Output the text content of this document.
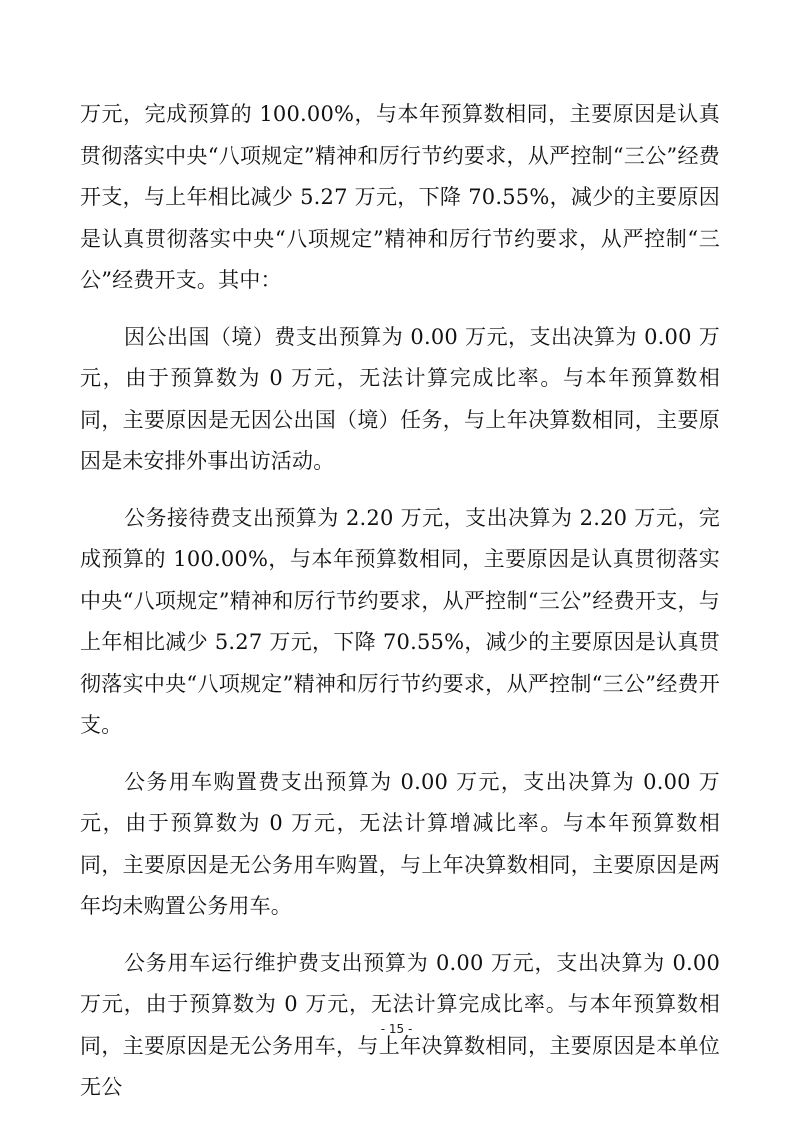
万元，完成预算的 100.00%，与本年预算数相同，主要原因是认真贯彻落实中央“八项规定”精神和厉行节约要求，从严控制“三公”经费开支，与上年相比减少 5.27 万元，下降 70.55%，减少的主要原因是认真贯彻落实中央“八项规定”精神和厉行节约要求，从严控制“三公”经费开支。其中：

因公出国（境）费支出预算为 0.00 万元，支出决算为 0.00 万元，由于预算数为 0 万元，无法计算完成比率。与本年预算数相同，主要原因是无因公出国（境）任务，与上年决算数相同，主要原因是未安排外事出访活动。

公务接待费支出预算为 2.20 万元，支出决算为 2.20 万元，完成预算的 100.00%，与本年预算数相同，主要原因是认真贯彻落实中央“八项规定”精神和厉行节约要求，从严控制“三公”经费开支，与上年相比减少 5.27 万元，下降 70.55%，减少的主要原因是认真贯彻落实中央“八项规定”精神和厉行节约要求，从严控制“三公”经费开支。

公务用车购置费支出预算为 0.00 万元，支出决算为 0.00 万元，由于预算数为 0 万元，无法计算增减比率。与本年预算数相同，主要原因是无公务用车购置，与上年决算数相同，主要原因是两年均未购置公务用车。

公务用车运行维护费支出预算为 0.00 万元，支出决算为 0.00 万元，由于预算数为 0 万元，无法计算完成比率。与本年预算数相同，主要原因是无公务用车，与上年决算数相同，主要原因是本单位无公

- 15 -
